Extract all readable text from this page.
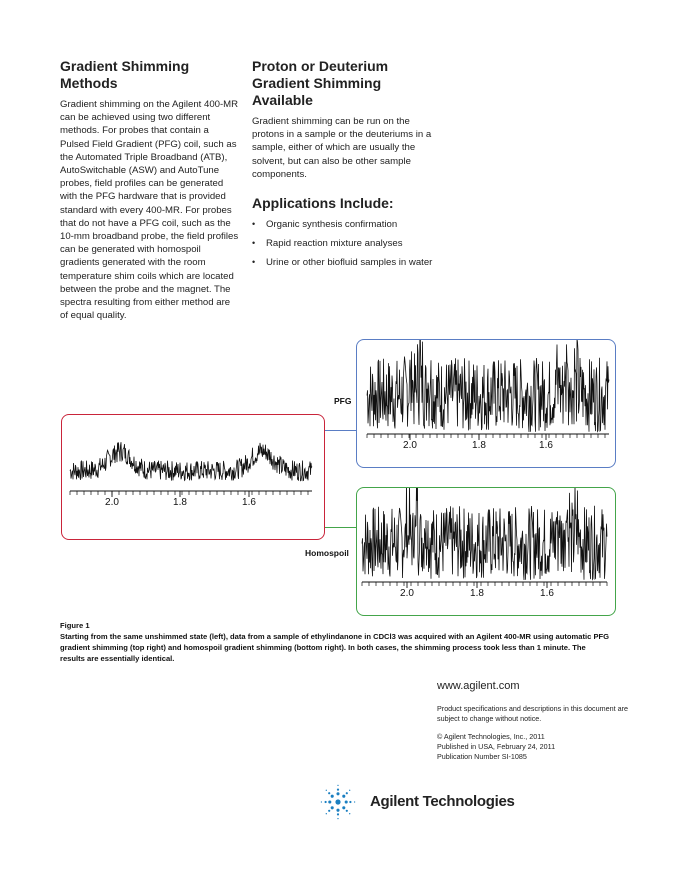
Gradient Shimming Methods

Gradient shimming on the Agilent 400-MR can be achieved using two different methods. For probes that contain a Pulsed Field Gradient (PFG) coil, such as the Automated Triple Broadband (ATB), AutoSwitchable (ASW) and AutoTune probes, field profiles can be generated with the PFG hardware that is provided standard with every 400-MR. For probes that do not have a PFG coil, such as the 10-mm broadband probe, the field profiles can be generated with homospoil gradients generated with the room temperature shim coils which are located between the probe and the magnet. The spectra resulting from either method are of equal quality.

Proton or Deuterium Gradient Shimming Available

Gradient shimming can be run on the protons in a sample or the deuteriums in a sample, either of which are usually the solvent, but can also be other sample components.

Applications Include:
• Organic synthesis confirmation
• Rapid reaction mixture analyses
• Urine or other biofluid samples in water
PFG
Homospoil
2.0	1.8	1.6
2.0	1.8	1.6
2.0	1.8	1.6
Figure 1
Starting from the same unshimmed state (left), data from a sample of ethylindanone in CDCl3 was acquired with an Agilent 400-MR using automatic PFG gradient shimming (top right) and homospoil gradient shimming (bottom right). In both cases, the shimming process took less than 1 minute. The results are essentially identical.
www.agilent.com
Product specifications and descriptions in this document are subject to change without notice.
© Agilent Technologies, Inc., 2011
Published in USA, February 24, 2011
Publication Number SI-1085
Agilent Technologies
